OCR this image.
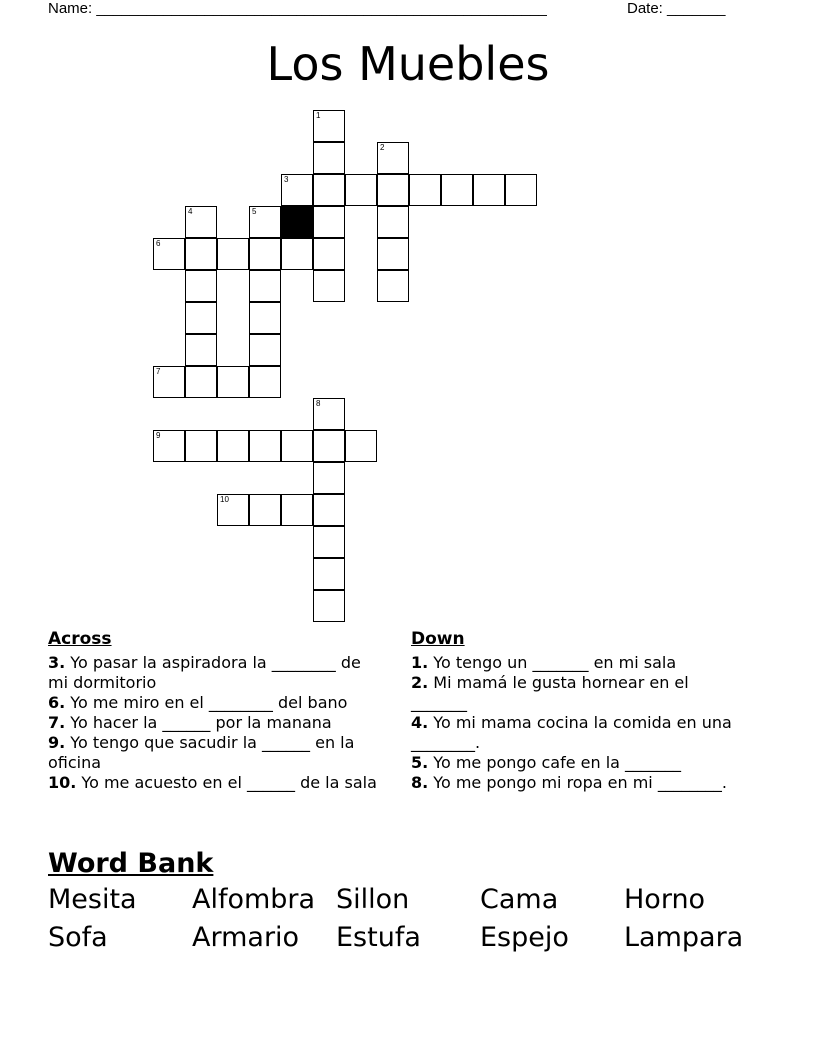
Name: ______________________________________________________	Date: _______
Los Muebles
1
2
3
4	5
6
7
8
9
10
Across
3. Yo pasar la aspiradora la ________ de mi dormitorio
6. Yo me miro en el ________ del bano
7. Yo hacer la ______ por la manana
9. Yo tengo que sacudir la ______ en la oficina
10. Yo me acuesto en el ______ de la sala
Down
1. Yo tengo un _______ en mi sala
2. Mi mamá le gusta hornear en el _______
4. Yo mi mama cocina la comida en una ________.
5. Yo me pongo cafe en la _______
8. Yo me pongo mi ropa en mi ________.
Word Bank
Mesita Alfombra Sillon	Cama Horno
Sofa	Armario Estufa Espejo Lampara
